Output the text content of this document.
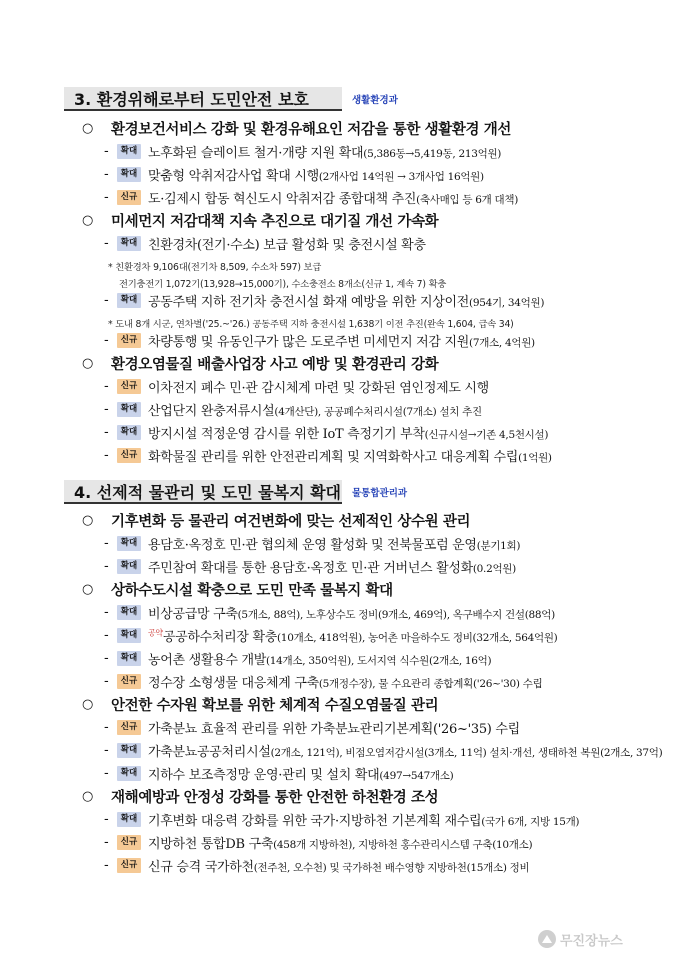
3. 환경위해로부터 도민안전 보호	생활환경과
○ 환경보건서비스 강화 및 환경유해요인 저감을 통한 생활환경 개선
-	확대 노후화된 슬레이트 철거·개량 지원 확대(5,386동→5,419동, 213억원)
-	확대 맞춤형 악취저감사업 확대 시행(2개사업 14억원 → 3개사업 16억원)
-	신규 도·김제시 합동 혁신도시 악취저감 종합대책 추진(축사매입 등 6개 대책)
○ 미세먼지 저감대책 지속 추진으로 대기질 개선 가속화
-	확대 친환경차(전기·수소) 보급 활성화 및 충전시설 확충
* 친환경차 9,106대(전기차 8,509, 수소차 597) 보급
전기충전기 1,072기(13,928→15,000기), 수소충전소 8개소(신규 1, 계속 7) 확충
-	확대 공동주택 지하 전기차 충전시설 화재 예방을 위한 지상이전(954기, 34억원)
* 도내 8개 시군, 연차별('25.~'26.) 공동주택 지하 충전시설 1,638기 이전 추진(완속 1,604, 급속 34)
-	신규 차량통행 및 유동인구가 많은 도로주변 미세먼지 저감 지원(7개소, 4억원)
○ 환경오염물질 배출사업장 사고 예방 및 환경관리 강화
-	신규 이차전지 폐수 민·관 감시체계 마련 및 강화된 염인정제도 시행
-	확대 산업단지 완충저류시설(4개산단), 공공폐수처리시설(7개소) 설치 추진
-	확대 방지시설 적정운영 감시를 위한 IoT 측정기기 부착(신규시설→기존 4,5천시설)
-	신규 화학물질 관리를 위한 안전관리계획 및 지역화학사고 대응계획 수립(1억원)
4. 선제적 물관리 및 도민 물복지 확대 물통합관리과
○ 기후변화 등 물관리 여건변화에 맞는 선제적인 상수원 관리
-	확대 용담호·옥정호 민·관 협의체 운영 활성화 및 전북물포럼 운영(분기1회)
-	확대 주민참여 확대를 통한 용담호·옥정호 민·관 거버넌스 활성화(0.2억원)
○ 상하수도시설 확충으로 도민 만족 물복지 확대
-	확대 비상공급망 구축(5개소, 88억), 노후상수도 정비(9개소, 469억), 옥구배수지 건설(88억)
-	확대	$^{공약}$공공하수처리장 확충(10개소, 418억원), 농어촌 마을하수도 정비(32개소, 564억원)
-	확대 농어촌 생활용수 개발(14개소, 350억원), 도서지역 식수원(2개소, 16억)
-	신규 정수장 소형생물 대응체계 구축(5개정수장), 물 수요관리 종합계획('26~'30) 수립
○ 안전한 수자원 확보를 위한 체계적 수질오염물질 관리
-	신규 가축분뇨 효율적 관리를 위한 가축분뇨관리기본계획('26~'35) 수립
-	확대 가축분뇨공공처리시설(2개소, 121억), 비점오염저감시설(3개소, 11억) 설치·개선, 생태하천 복원(2개소, 37억)
-	확대 지하수 보조측정망 운영·관리 및 설치 확대(497→547개소)
○ 재해예방과 안정성 강화를 통한 안전한 하천환경 조성
-	확대 기후변화 대응력 강화를 위한 국가·지방하천 기본계획 재수립(국가 6개, 지방 15개)
-	신규 지방하천 통합DB 구축(458개 지방하천), 지방하천 홍수관리시스템 구축(10개소)
-	신규 신규 승격 국가하천(전주천, 오수천) 및 국가하천 배수영향 지방하천(15개소) 정비
무진장뉴스
